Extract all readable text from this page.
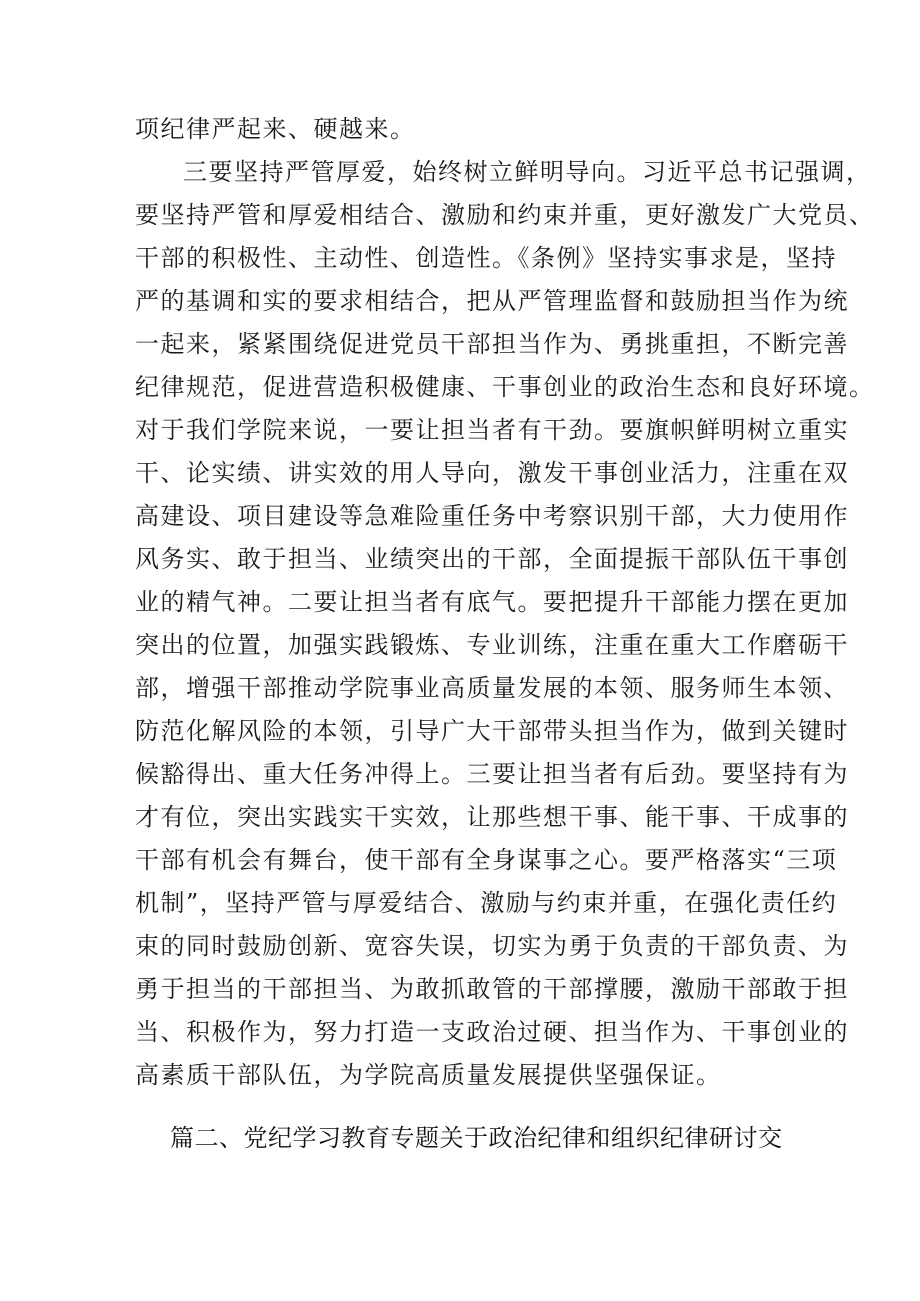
项纪律严起来、硬越来。
三要坚持严管厚爱，始终树立鲜明导向。习近平总书记强调，
要坚持严管和厚爱相结合、激励和约束并重，更好激发广大党员、
干部的积极性、主动性、创造性。《条例》坚持实事求是，坚持
严的基调和实的要求相结合，把从严管理监督和鼓励担当作为统
一起来，紧紧围绕促进党员干部担当作为、勇挑重担，不断完善
纪律规范，促进营造积极健康、干事创业的政治生态和良好环境。
对于我们学院来说，一要让担当者有干劲。要旗帜鲜明树立重实
干、论实绩、讲实效的用人导向，激发干事创业活力，注重在双
高建设、项目建设等急难险重任务中考察识别干部，大力使用作
风务实、敢于担当、业绩突出的干部，全面提振干部队伍干事创
业的精气神。二要让担当者有底气。要把提升干部能力摆在更加
突出的位置，加强实践锻炼、专业训练，注重在重大工作磨砺干
部，增强干部推动学院事业高质量发展的本领、服务师生本领、
防范化解风险的本领，引导广大干部带头担当作为，做到关键时
候豁得出、重大任务冲得上。三要让担当者有后劲。要坚持有为
才有位，突出实践实干实效，让那些想干事、能干事、干成事的
干部有机会有舞台，使干部有全身谋事之心。要严格落实“三项
机制”，坚持严管与厚爱结合、激励与约束并重，在强化责任约
束的同时鼓励创新、宽容失误，切实为勇于负责的干部负责、为
勇于担当的干部担当、为敢抓敢管的干部撑腰，激励干部敢于担
当、积极作为，努力打造一支政治过硬、担当作为、干事创业的
高素质干部队伍，为学院高质量发展提供坚强保证。
篇二、党纪学习教育专题关于政治纪律和组织纪律研讨交
